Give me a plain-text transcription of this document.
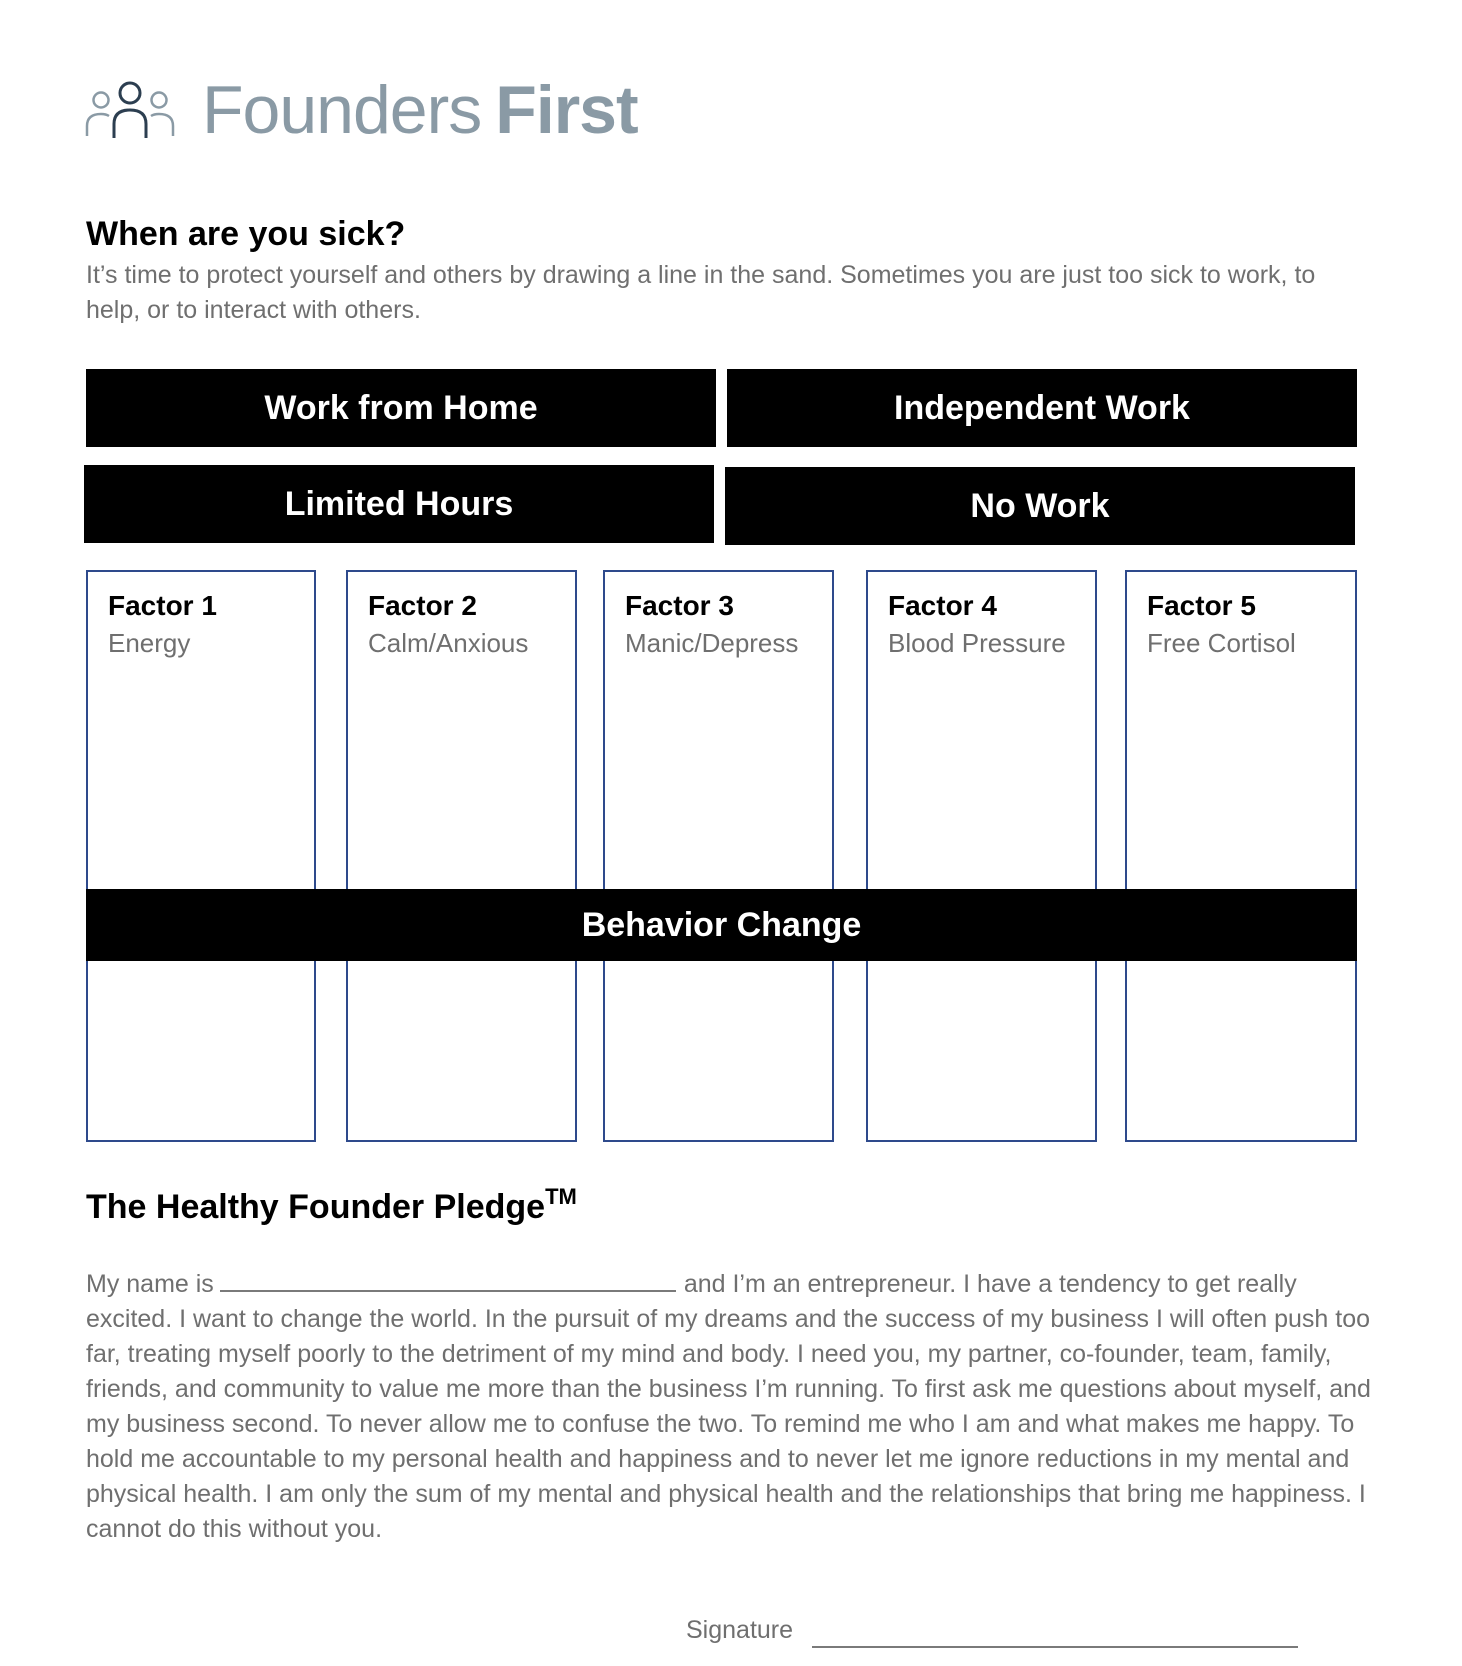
Founders First
When are you sick?

It’s time to protect yourself and others by drawing a line in the sand. Sometimes you are just too sick to work, to help, or to interact with others.

Work from Home	Independent Work
Limited Hours	No Work
Factor 1
Energy
Factor 2
Calm/Anxious
Factor 3
Manic/Depress
Factor 4
Blood Pressure
Factor 5
Free Cortisol
Behavior Change
The Healthy Founder Pledge™

My name is	and I’m an entrepreneur. I have a tendency to get really excited. I want to change the world. In the pursuit of my dreams and the success of my business I will often push too far, treating myself poorly to the detriment of my mind and body. I need you, my partner, co-founder, team, family, friends, and community to value me more than the business I’m running. To first ask me questions about myself, and my business second. To never allow me to confuse the two. To remind me who I am and what makes me happy. To hold me accountable to my personal health and happiness and to never let me ignore reductions in my mental and physical health. I am only the sum of my mental and physical health and the relationships that bring me happiness. I cannot do this without you.

Signature
